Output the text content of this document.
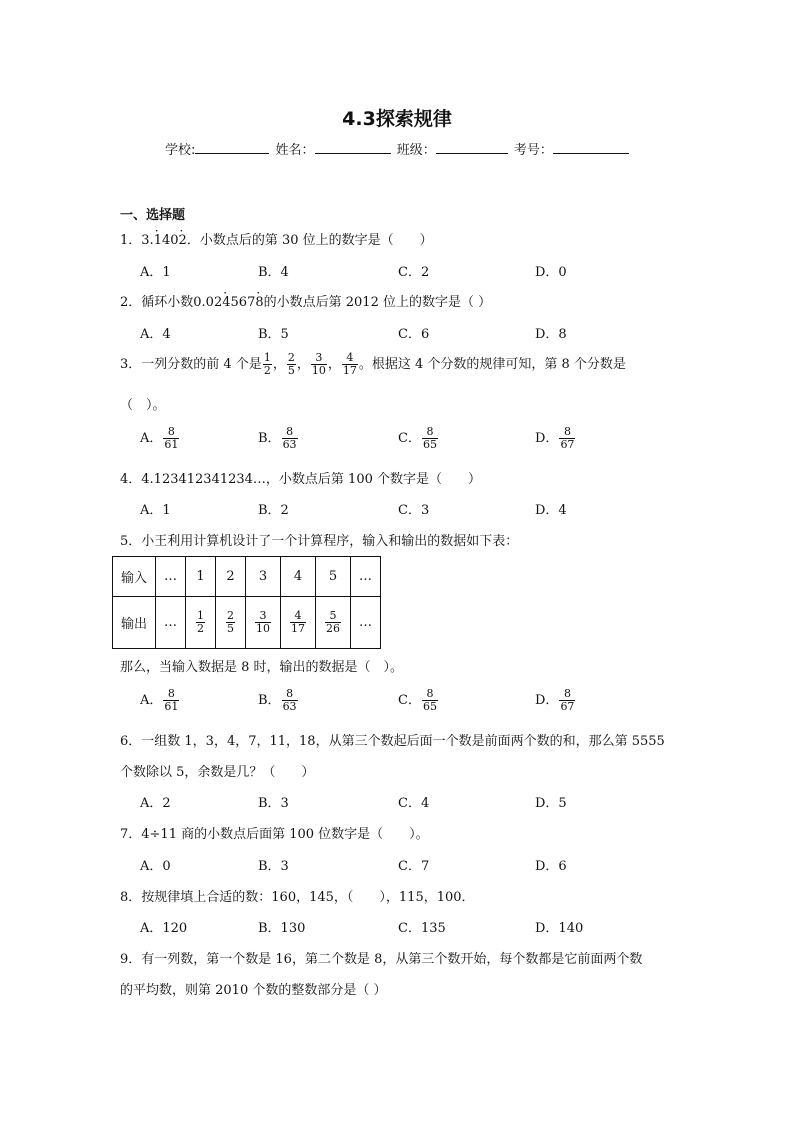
4.3探索规律
学校:	姓名：	班级：	考号：
一、选择题
1．3.· 140· 2．小数点后的第 30 位上的数字是（　　）
A．1	B．4	C．2	D．0
2．循环小数0.02· 4567· 8的小数点后第 2012 位上的数字是（ ）
A．4	B．5	C．6	D．8
3．一列分数的前 4 个是 $\frac{1}{2}$ ， $\frac{2}{5}$ ， $\frac{3}{10}$ ， $\frac{4}{17}$ 。根据这 4 个分数的规律可知，第 8 个分数是
（　）。
A． $\frac{8}{61}$	B． $\frac{8}{63}$	C． $\frac{8}{65}$	D． $\frac{8}{67}$
4．4.123412341234…，小数点后第 100 个数字是（　　）
A．1	B．2	C．3	D．4
5．小王利用计算机设计了一个计算程序，输入和输出的数据如下表：
输入	…	1	2	3	4	5	…
输出	…	$\frac{1}{2}$	$\frac{2}{5}$	$\frac{3}{10}$	$\frac{4}{17}$	$\frac{5}{26}$	…
那么，当输入数据是 8 时，输出的数据是（　）。
A． $\frac{8}{61}$	B． $\frac{8}{63}$	C． $\frac{8}{65}$	D． $\frac{8}{67}$
6．一组数 1，3，4，7，11，18，从第三个数起后面一个数是前面两个数的和，那么第 5555
个数除以 5，余数是几？（　　）
A．2	B．3	C．4	D．5
7．4÷11 商的小数点后面第 100 位数字是（　　）。
A．0	B．3	C．7	D．6
8．按规律填上合适的数：160，145，（　　），115，100．
A．120	B．130	C．135	D．140
9．有一列数，第一个数是 16，第二个数是 8，从第三个数开始，每个数都是它前面两个数
的平均数，则第 2010 个数的整数部分是（ ）
